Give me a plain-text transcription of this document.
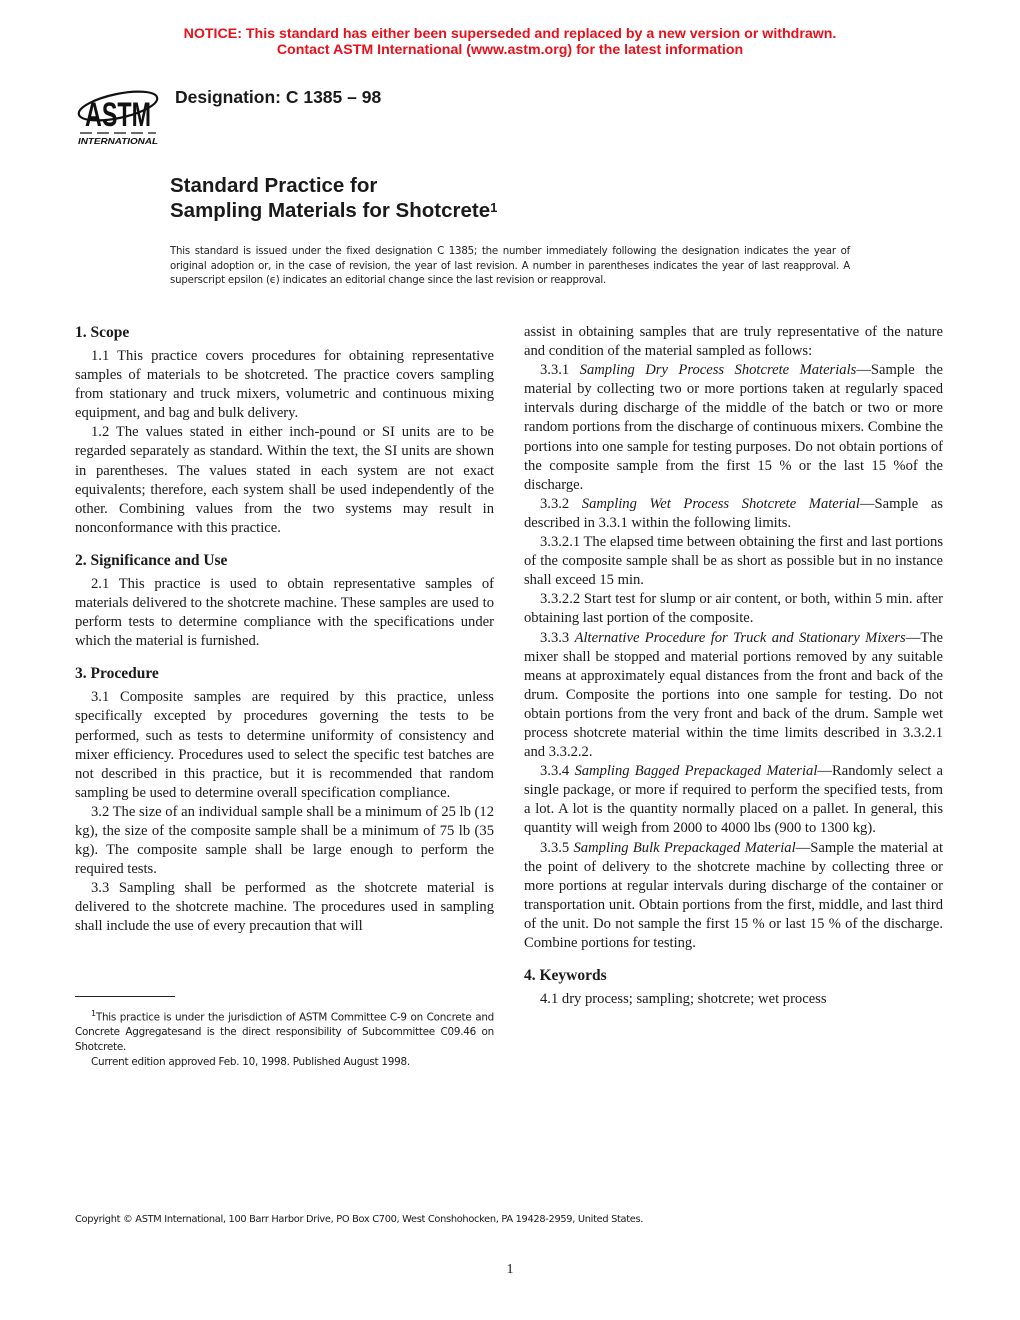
NOTICE: This standard has either been superseded and replaced by a new version or withdrawn.
Contact ASTM International (www.astm.org) for the latest information
ASTM
INTERNATIONAL
Designation: C 1385 – 98
Standard Practice for
Sampling Materials for Shotcrete$^1$
This standard is issued under the fixed designation C 1385; the number immediately following the designation indicates the year of original adoption or, in the case of revision, the year of last revision. A number in parentheses indicates the year of last reapproval. A superscript epsilon (ϵ) indicates an editorial change since the last revision or reapproval.
1. Scope

1.1 This practice covers procedures for obtaining representative samples of materials to be shotcreted. The practice covers sampling from stationary and truck mixers, volumetric and continuous mixing equipment, and bag and bulk delivery.

1.2 The values stated in either inch-pound or SI units are to be regarded separately as standard. Within the text, the SI units are shown in parentheses. The values stated in each system are not exact equivalents; therefore, each system shall be used independently of the other. Combining values from the two systems may result in nonconformance with this practice.

2. Significance and Use

2.1 This practice is used to obtain representative samples of materials delivered to the shotcrete machine. These samples are used to perform tests to determine compliance with the specifications under which the material is furnished.

3. Procedure

3.1 Composite samples are required by this practice, unless specifically excepted by procedures governing the tests to be performed, such as tests to determine uniformity of consistency and mixer efficiency. Procedures used to select the specific test batches are not described in this practice, but it is recommended that random sampling be used to determine overall specification compliance.

3.2 The size of an individual sample shall be a minimum of 25 lb (12 kg), the size of the composite sample shall be a minimum of 75 lb (35 kg). The composite sample shall be large enough to perform the required tests.

3.3 Sampling shall be performed as the shotcrete material is delivered to the shotcrete machine. The procedures used in sampling shall include the use of every precaution that will

assist in obtaining samples that are truly representative of the nature and condition of the material sampled as follows:

3.3.1 Sampling Dry Process Shotcrete Materials—Sample the material by collecting two or more portions taken at regularly spaced intervals during discharge of the middle of the batch or two or more random portions from the discharge of continuous mixers. Combine the portions into one sample for testing purposes. Do not obtain portions of the composite sample from the first 15 % or the last 15 %of the discharge.

3.3.2 Sampling Wet Process Shotcrete Material—Sample as described in 3.3.1 within the following limits.

3.3.2.1 The elapsed time between obtaining the first and last portions of the composite sample shall be as short as possible but in no instance shall exceed 15 min.

3.3.2.2 Start test for slump or air content, or both, within 5 min. after obtaining last portion of the composite.

3.3.3 Alternative Procedure for Truck and Stationary Mixers—The mixer shall be stopped and material portions removed by any suitable means at approximately equal distances from the front and back of the drum. Composite the portions into one sample for testing. Do not obtain portions from the very front and back of the drum. Sample wet process shotcrete material within the time limits described in 3.3.2.1 and 3.3.2.2.

3.3.4 Sampling Bagged Prepackaged Material—Randomly select a single package, or more if required to perform the specified tests, from a lot. A lot is the quantity normally placed on a pallet. In general, this quantity will weigh from 2000 to 4000 lbs (900 to 1300 kg).

3.3.5 Sampling Bulk Prepackaged Material—Sample the material at the point of delivery to the shotcrete machine by collecting three or more portions at regular intervals during discharge of the container or transportation unit. Obtain portions from the first, middle, and last third of the unit. Do not sample the first 15 % or last 15 % of the discharge. Combine portions for testing.

4. Keywords

4.1 dry process; sampling; shotcrete; wet process

$^1$This practice is under the jurisdiction of ASTM Committee C-9 on Concrete and Concrete Aggregatesand is the direct responsibility of Subcommittee C09.46 on Shotcrete.

Current edition approved Feb. 10, 1998. Published August 1998.

Copyright © ASTM International, 100 Barr Harbor Drive, PO Box C700, West Conshohocken, PA 19428-2959, United States.
1
